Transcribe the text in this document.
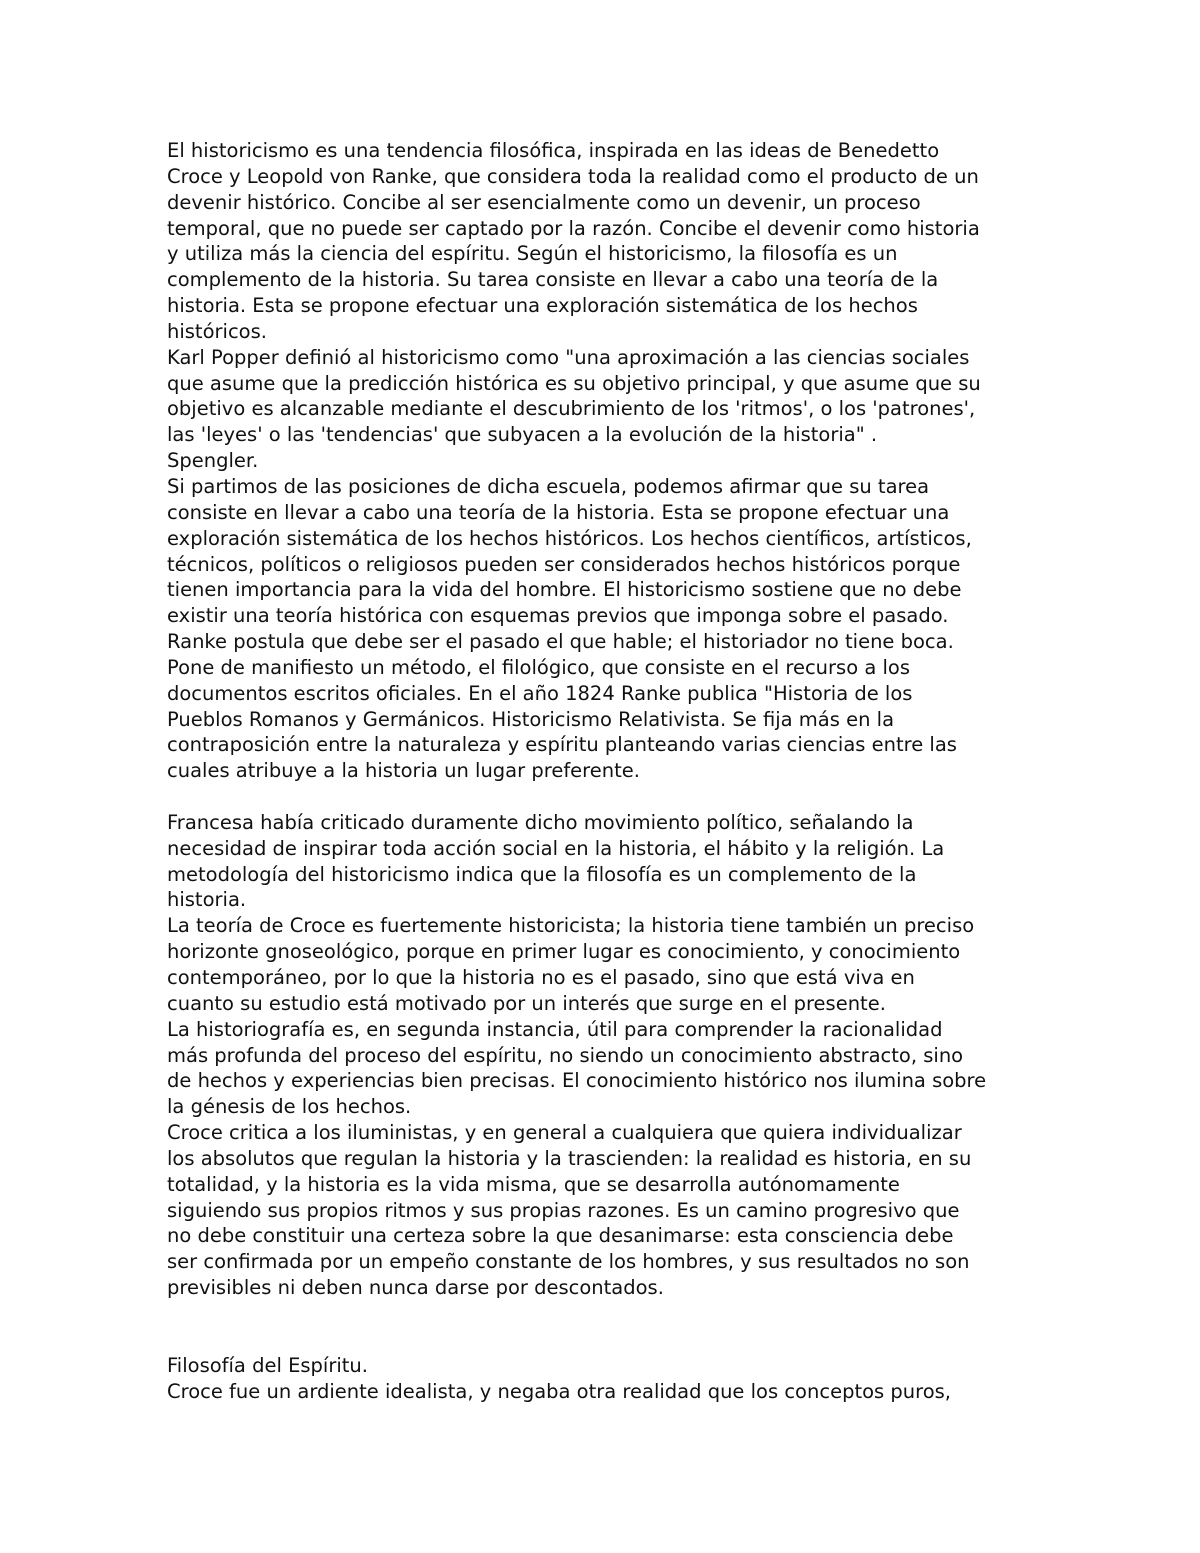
El historicismo es una tendencia filosófica, inspirada en las ideas de Benedetto
Croce y Leopold von Ranke, que considera toda la realidad como el producto de un
devenir histórico. Concibe al ser esencialmente como un devenir, un proceso
temporal, que no puede ser captado por la razón. Concibe el devenir como historia
y utiliza más la ciencia del espíritu. Según el historicismo, la filosofía es un
complemento de la historia. Su tarea consiste en llevar a cabo una teoría de la
historia. Esta se propone efectuar una exploración sistemática de los hechos
históricos.
Karl Popper definió al historicismo como "una aproximación a las ciencias sociales
que asume que la predicción histórica es su objetivo principal, y que asume que su
objetivo es alcanzable mediante el descubrimiento de los 'ritmos', o los 'patrones',
las 'leyes' o las 'tendencias' que subyacen a la evolución de la historia" .
Spengler.
Si partimos de las posiciones de dicha escuela, podemos afirmar que su tarea
consiste en llevar a cabo una teoría de la historia. Esta se propone efectuar una
exploración sistemática de los hechos históricos. Los hechos científicos, artísticos,
técnicos, políticos o religiosos pueden ser considerados hechos históricos porque
tienen importancia para la vida del hombre. El historicismo sostiene que no debe
existir una teoría histórica con esquemas previos que imponga sobre el pasado.
Ranke postula que debe ser el pasado el que hable; el historiador no tiene boca.
Pone de manifiesto un método, el filológico, que consiste en el recurso a los
documentos escritos oficiales. En el año 1824 Ranke publica "Historia de los
Pueblos Romanos y Germánicos. Historicismo Relativista. Se fija más en la
contraposición entre la naturaleza y espíritu planteando varias ciencias entre las
cuales atribuye a la historia un lugar preferente.
Francesa había criticado duramente dicho movimiento político, señalando la
necesidad de inspirar toda acción social en la historia, el hábito y la religión. La
metodología del historicismo indica que la filosofía es un complemento de la
historia.
La teoría de Croce es fuertemente historicista; la historia tiene también un preciso
horizonte gnoseológico, porque en primer lugar es conocimiento, y conocimiento
contemporáneo, por lo que la historia no es el pasado, sino que está viva en
cuanto su estudio está motivado por un interés que surge en el presente.
La historiografía es, en segunda instancia, útil para comprender la racionalidad
más profunda del proceso del espíritu, no siendo un conocimiento abstracto, sino
de hechos y experiencias bien precisas. El conocimiento histórico nos ilumina sobre
la génesis de los hechos.
Croce critica a los iluministas, y en general a cualquiera que quiera individualizar
los absolutos que regulan la historia y la trascienden: la realidad es historia, en su
totalidad, y la historia es la vida misma, que se desarrolla autónomamente
siguiendo sus propios ritmos y sus propias razones. Es un camino progresivo que
no debe constituir una certeza sobre la que desanimarse: esta consciencia debe
ser confirmada por un empeño constante de los hombres, y sus resultados no son
previsibles ni deben nunca darse por descontados.
Filosofía del Espíritu.
Croce fue un ardiente idealista, y negaba otra realidad que los conceptos puros,
